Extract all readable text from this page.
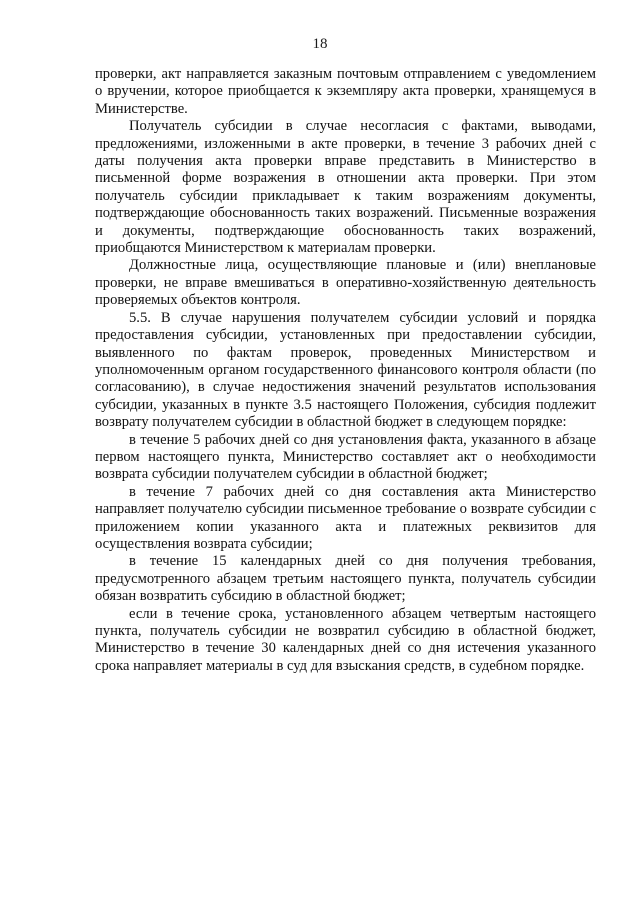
18

проверки, акт направляется заказным почтовым отправлением с уведомлением о вручении, которое приобщается к экземпляру акта проверки, хранящемуся в Министерстве.

Получатель субсидии в случае несогласия с фактами, выводами, предложениями, изложенными в акте проверки, в течение 3 рабочих дней с даты получения акта проверки вправе представить в Министерство в письменной форме возражения в отношении акта проверки. При этом получатель субсидии прикладывает к таким возражениям документы, подтверждающие обоснованность таких возражений. Письменные возражения и документы, подтверждающие обоснованность таких возражений, приобщаются Министерством к материалам проверки.

Должностные лица, осуществляющие плановые и (или) внеплановые проверки, не вправе вмешиваться в оперативно-хозяйственную деятельность проверяемых объектов контроля.

5.5. В случае нарушения получателем субсидии условий и порядка предоставления субсидии, установленных при предоставлении субсидии, выявленного по фактам проверок, проведенных Министерством и уполномоченным органом государственного финансового контроля области (по согласованию), в случае недостижения значений результатов использования субсидии, указанных в пункте 3.5 настоящего Положения, субсидия подлежит возврату получателем субсидии в областной бюджет в следующем порядке:

в течение 5 рабочих дней со дня установления факта, указанного в абзаце первом настоящего пункта, Министерство составляет акт о необходимости возврата субсидии получателем субсидии в областной бюджет;

в течение 7 рабочих дней со дня составления акта Министерство направляет получателю субсидии письменное требование о возврате субсидии с приложением копии указанного акта и платежных реквизитов для осуществления возврата субсидии;

в течение 15 календарных дней со дня получения требования, предусмотренного абзацем третьим настоящего пункта, получатель субсидии обязан возвратить субсидию в областной бюджет;

если в течение срока, установленного абзацем четвертым настоящего пункта, получатель субсидии не возвратил субсидию в областной бюджет, Министерство в течение 30 календарных дней со дня истечения указанного срока направляет материалы в суд для взыскания средств, в судебном порядке.
